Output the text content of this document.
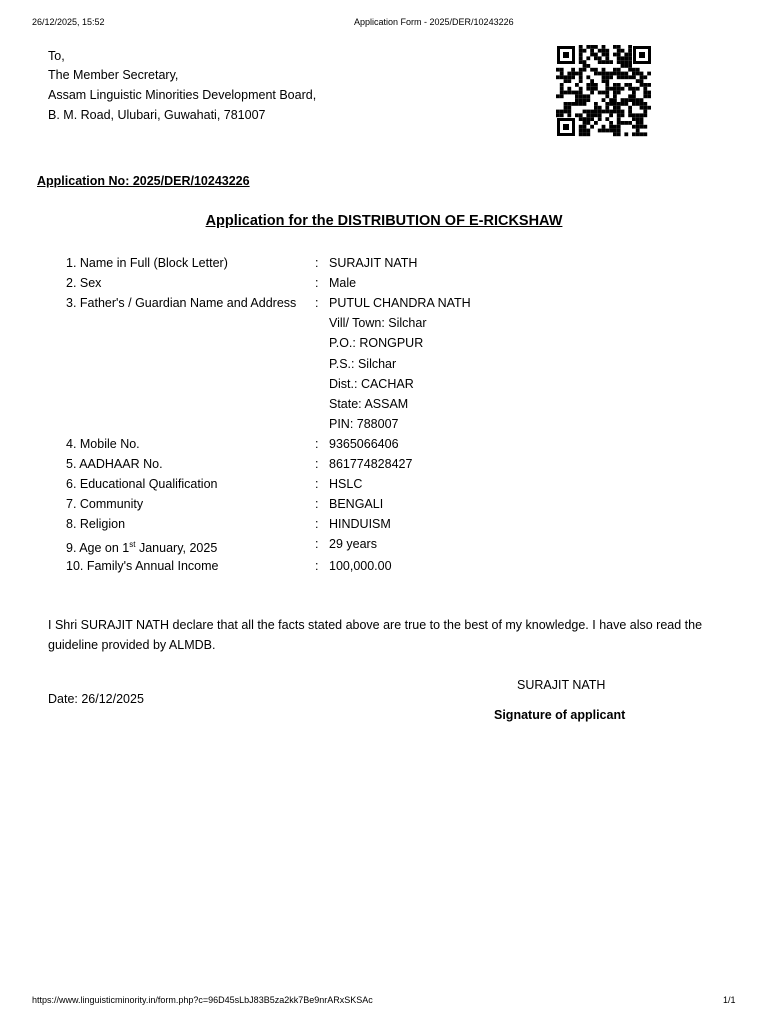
26/12/2025, 15:52	Application Form - 2025/DER/10243226
To,
The Member Secretary,
Assam Linguistic Minorities Development Board,
B. M. Road, Ulubari, Guwahati, 781007
Application No: 2025/DER/10243226
Application for the DISTRIBUTION OF E-RICKSHAW
1. Name in Full (Block Letter)	: SURAJIT NATH
2. Sex	: Male
3. Father's / Guardian Name and Address : PUTUL CHANDRA NATH
Vill/ Town: Silchar
P.O.: RONGPUR
P.S.: Silchar
Dist.: CACHAR
State: ASSAM
PIN: 788007
4. Mobile No.	: 9365066406
5. AADHAAR No.	: 861774828427
6. Educational Qualification	: HSLC
7. Community	: BENGALI
8. Religion	: HINDUISM
9. Age on 1st January, 2025	: 29 years
10. Family's Annual Income	: 100,000.00
I Shri SURAJIT NATH declare that all the facts stated above are true to the best of my knowledge. I have also read the
guideline provided by ALMDB.
SURAJIT NATH
Date: 26/12/2025
Signature of applicant
https://www.linguisticminority.in/form.php?c=96D45sLbJ83B5za2kk7Be9nrARxSKSAc	1/1
